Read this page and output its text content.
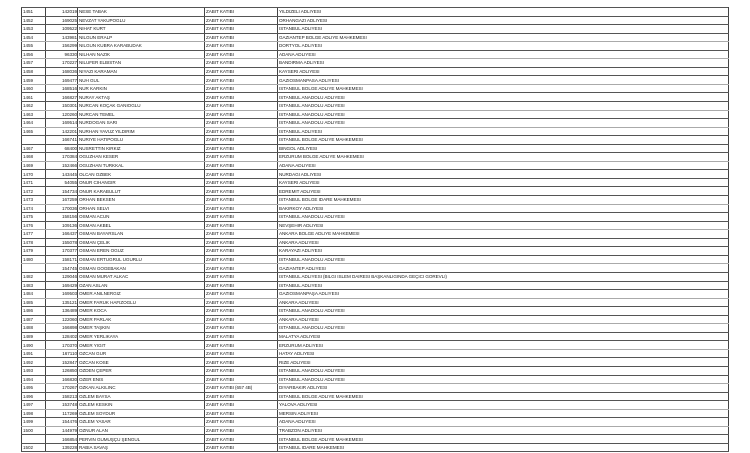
1451	142019	NESE TABAK	ZABIT KATIBI	YILDIZELI ADLIYESI
1452	169025	NEVZAT YAKUPOGLU	ZABIT KATIBI	ORHANGAZI ADLIYESI
1453	109522	NIHAT KURT	ZABIT KATIBI	ISTANBUL ADLIYESI
1454	143981	NILGUN ERALP	ZABIT KATIBI	GAZIANTEP BOLGE ADLIYE MAHKEMESI
1455	156299	NILGUN KUBRA KARABUDAK	ZABIT KATIBI	DORTYOL ADLIYESI
1456	96330	NILHAN NAZIK	ZABIT KATIBI	ADANA ADLIYESI
1457	170227	NILUFER ELBISTAN	ZABIT KATIBI	BANDIRMA ADLIYESI
1458	168036	NIYAZI KARAMAN	ZABIT KATIBI	KAYSERI ADLIYESI
1459	169477	NUH GUL	ZABIT KATIBI	GAZIOSMANPASA ADLIYESI
1460	168516	NUR KARKIN	ZABIT KATIBI	ISTANBUL BOLGE ADLIYE MAHKEMESI
1461	166827	NURAY AKTAŞ	ZABIT KATIBI	ISTANBUL ANADOLU ADLIYESI
1462	150301	NURCAN KOÇAK GANIOGLU	ZABIT KATIBI	ISTANBUL ANADOLU ADLIYESI
1463	120260	NURCAN TEMEL	ZABIT KATIBI	ISTANBUL ANADOLU ADLIYESI
1464	169514	NURDOGAN SARI	ZABIT KATIBI	ISTANBUL ANADOLU ADLIYESI
1465	142201	NURHAN YAVUZ YILDIRIM	ZABIT KATIBI	ISTANBUL ADLIYESI
	166741	NURIYE HATIPOGLU	ZABIT KATIBI	ISTANBUL BOLGE ADLIYE MAHKEMESI
1467	68400	NUSRETTIN KIRKIZ	ZABIT KATIBI	BINGOL ADLIYESI
1468	170384	OGUZHAN KESER	ZABIT KATIBI	ERZURUM BOLGE ADLIYE MAHKEMESI
1469	152466	OGUZHAN TURKKAL	ZABIT KATIBI	ADANA ADLIYESI
1470	143445	OLCAN OZBEK	ZABIT KATIBI	NURDAGI ADLIYESI
1471	54055	ONUR CIHANGIR	ZABIT KATIBI	KAYSERI ADLIYESI
1472	154734	ONUR KARABULUT	ZABIT KATIBI	EDREMIT ADLIYESI
1473	167259	ORHAN BEKSEN	ZABIT KATIBI	ISTANBUL BOLGE IDARE MAHKEMESI
1474	170036	ORHAN SELVI	ZABIT KATIBI	BAKIRKOY ADLIYESI
1475	158156	OSMAN ACUN	ZABIT KATIBI	ISTANBUL ANADOLU ADLIYESI
1476	109136	OSMAN AKBEL	ZABIT KATIBI	NEVŞEHIR ADLIYESI
1477	166437	OSMAN BAYARSLAN	ZABIT KATIBI	ANKARA BOLGE ADLIYE MAHKEMESI
1478	155078	OSMAN ÇELIK	ZABIT KATIBI	ANKARA ADLIYESI
1479	170377	OSMAN EREN OGUZ	ZABIT KATIBI	KARAYAZI ADLIYESI
1480	158171	OSMAN ERTUGRUL UGURLU	ZABIT KATIBI	ISTANBUL ANADOLU ADLIYESI
	154745	OSMAN GOGEBAKAN	ZABIT KATIBI	GAZIANTEP ADLIYESI
1482	129046	OSMAN MURAT ALKAC	ZABIT KATIBI	ISTANBUL ADLIYESI (BILGI ISLEM DAIRESI BAŞKANLIGINDA GEÇICI GOREVLI)
1483	169429	OZAN ASLAN	ZABIT KATIBI	ISTANBUL ADLIYESI
1484	169503	OMER ANILNERGIZ	ZABIT KATIBI	GAZIOSMANPAŞA ADLIYESI
1485	135121	OMER FARUK HAFIZOGLU	ZABIT KATIBI	ANKARA ADLIYESI
1486	136489	OMER KOCA	ZABIT KATIBI	ISTANBUL ANADOLU ADLIYESI
1487	122060	OMER PARLAK	ZABIT KATIBI	ANKARA ADLIYESI
1488	166898	OMER TAŞKIN	ZABIT KATIBI	ISTANBUL ANADOLU ADLIYESI
1489	128402	OMER YERLIKAYA	ZABIT KATIBI	MALATYA ADLIYESI
1490	170370	OMER YIGIT	ZABIT KATIBI	ERZURUM ADLIYESI
1491	167110	OZCAN GUR	ZABIT KATIBI	HATAY ADLIYESI
1492	152847	OZCAN KOSE	ZABIT KATIBI	RIZE ADLIYESI
1493	126850	OZDEN ÇEPER	ZABIT KATIBI	ISTANBUL ANADOLU ADLIYESI
1494	166830	OZER ENIS	ZABIT KATIBI	ISTANBUL ANADOLU ADLIYESI
1495	170267	OZKAN ALKILINC	ZABIT KATIBI (657 4B)	DIYARBAKIR ADLIYESI
1496	158213	OZLEM BAYSA	ZABIT KATIBI	ISTANBUL BOLGE ADLIYE MAHKEMESI
1497	153748	OZLEM KESKIN	ZABIT KATIBI	YALOVA ADLIYESI
1498	117269	OZLEM SOYDUR	ZABIT KATIBI	MERSIN ADLIYESI
1499	154476	OZLEM YASAR	ZABIT KATIBI	ADANA ADLIYESI
1500	144979	OZNUR ALAN	ZABIT KATIBI	TRABZON ADLIYESI
	166854	PERVIN GUMUŞÇU ŞENGUL	ZABIT KATIBI	ISTANBUL BOLGE ADLIYE MAHKEMESI
1502	139228	RABIA SAVAŞ	ZABIT KATIBI	ISTANBUL IDARE MAHKEMESI
